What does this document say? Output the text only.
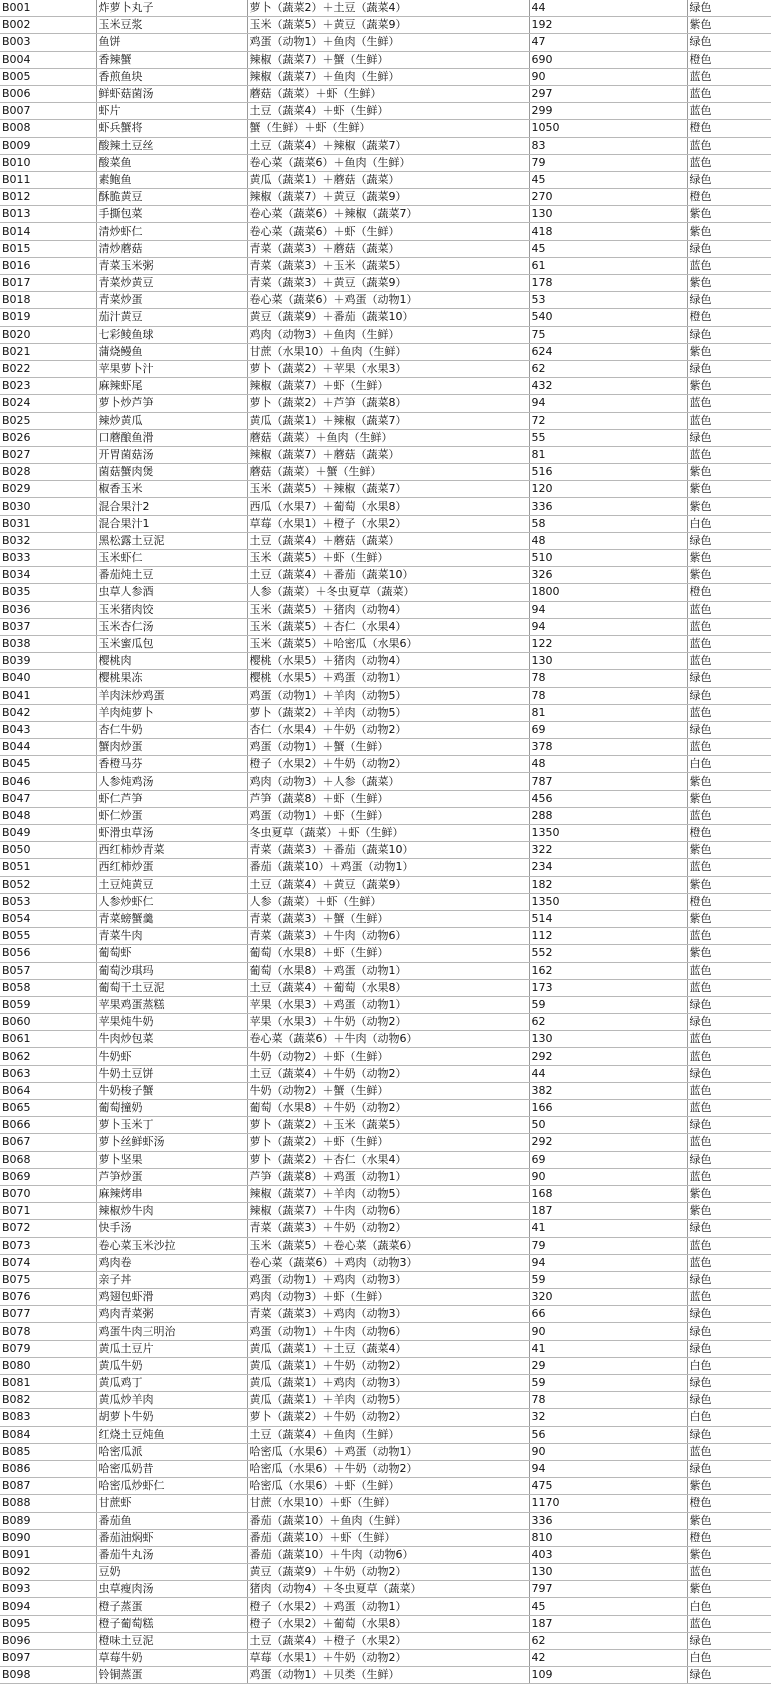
B001	炸萝卜丸子	萝卜（蔬菜2）＋土豆（蔬菜4）	44	绿色
B002	玉米豆浆	玉米（蔬菜5）＋黄豆（蔬菜9）	192	紫色
B003	鱼饼	鸡蛋（动物1）＋鱼肉（生鲜）	47	绿色
B004	香辣蟹	辣椒（蔬菜7）＋蟹（生鲜）	690	橙色
B005	香煎鱼块	辣椒（蔬菜7）＋鱼肉（生鲜）	90	蓝色
B006	鲜虾菇菌汤	蘑菇（蔬菜）＋虾（生鲜）	297	蓝色
B007	虾片	土豆（蔬菜4）＋虾（生鲜）	299	蓝色
B008	虾兵蟹将	蟹（生鲜）＋虾（生鲜）	1050	橙色
B009	酸辣土豆丝	土豆（蔬菜4）＋辣椒（蔬菜7）	83	蓝色
B010	酸菜鱼	卷心菜（蔬菜6）＋鱼肉（生鲜）	79	蓝色
B011	素鲍鱼	黄瓜（蔬菜1）＋蘑菇（蔬菜）	45	绿色
B012	酥脆黄豆	辣椒（蔬菜7）＋黄豆（蔬菜9）	270	橙色
B013	手撕包菜	卷心菜（蔬菜6）＋辣椒（蔬菜7）	130	紫色
B014	清炒虾仁	卷心菜（蔬菜6）＋虾（生鲜）	418	紫色
B015	清炒蘑菇	青菜（蔬菜3）＋蘑菇（蔬菜）	45	绿色
B016	青菜玉米粥	青菜（蔬菜3）＋玉米（蔬菜5）	61	蓝色
B017	青菜炒黄豆	青菜（蔬菜3）＋黄豆（蔬菜9）	178	紫色
B018	青菜炒蛋	卷心菜（蔬菜6）＋鸡蛋（动物1）	53	绿色
B019	茄汁黄豆	黄豆（蔬菜9）＋番茄（蔬菜10）	540	橙色
B020	七彩鲮鱼球	鸡肉（动物3）＋鱼肉（生鲜）	75	绿色
B021	蒲烧鳗鱼	甘蔗（水果10）＋鱼肉（生鲜）	624	紫色
B022	苹果萝卜汁	萝卜（蔬菜2）＋苹果（水果3）	62	绿色
B023	麻辣虾尾	辣椒（蔬菜7）＋虾（生鲜）	432	紫色
B024	萝卜炒芦笋	萝卜（蔬菜2）＋芦笋（蔬菜8）	94	蓝色
B025	辣炒黄瓜	黄瓜（蔬菜1）＋辣椒（蔬菜7）	72	蓝色
B026	口蘑酿鱼滑	蘑菇（蔬菜）＋鱼肉（生鲜）	55	绿色
B027	开胃菌菇汤	辣椒（蔬菜7）＋蘑菇（蔬菜）	81	蓝色
B028	菌菇蟹肉煲	蘑菇（蔬菜）＋蟹（生鲜）	516	紫色
B029	椒香玉米	玉米（蔬菜5）＋辣椒（蔬菜7）	120	紫色
B030	混合果汁2	西瓜（水果7）＋葡萄（水果8）	336	紫色
B031	混合果汁1	草莓（水果1）＋橙子（水果2）	58	白色
B032	黑松露土豆泥	土豆（蔬菜4）＋蘑菇（蔬菜）	48	绿色
B033	玉米虾仁	玉米（蔬菜5）＋虾（生鲜）	510	紫色
B034	番茄炖土豆	土豆（蔬菜4）＋番茄（蔬菜10）	326	紫色
B035	虫草人参酒	人参（蔬菜）＋冬虫夏草（蔬菜）	1800	橙色
B036	玉米猪肉饺	玉米（蔬菜5）＋猪肉（动物4）	94	蓝色
B037	玉米杏仁汤	玉米（蔬菜5）＋杏仁（水果4）	94	蓝色
B038	玉米蜜瓜包	玉米（蔬菜5）＋哈密瓜（水果6）	122	蓝色
B039	樱桃肉	樱桃（水果5）＋猪肉（动物4）	130	蓝色
B040	樱桃果冻	樱桃（水果5）＋鸡蛋（动物1）	78	绿色
B041	羊肉沫炒鸡蛋	鸡蛋（动物1）＋羊肉（动物5）	78	绿色
B042	羊肉炖萝卜	萝卜（蔬菜2）＋羊肉（动物5）	81	蓝色
B043	杏仁牛奶	杏仁（水果4）＋牛奶（动物2）	69	绿色
B044	蟹肉炒蛋	鸡蛋（动物1）＋蟹（生鲜）	378	蓝色
B045	香橙马芬	橙子（水果2）＋牛奶（动物2）	48	白色
B046	人参炖鸡汤	鸡肉（动物3）＋人参（蔬菜）	787	紫色
B047	虾仁芦笋	芦笋（蔬菜8）＋虾（生鲜）	456	紫色
B048	虾仁炒蛋	鸡蛋（动物1）＋虾（生鲜）	288	蓝色
B049	虾滑虫草汤	冬虫夏草（蔬菜）＋虾（生鲜）	1350	橙色
B050	西红柿炒青菜	青菜（蔬菜3）＋番茄（蔬菜10）	322	紫色
B051	西红柿炒蛋	番茄（蔬菜10）＋鸡蛋（动物1）	234	蓝色
B052	土豆炖黄豆	土豆（蔬菜4）＋黄豆（蔬菜9）	182	紫色
B053	人参炒虾仁	人参（蔬菜）＋虾（生鲜）	1350	橙色
B054	青菜螃蟹羹	青菜（蔬菜3）＋蟹（生鲜）	514	紫色
B055	青菜牛肉	青菜（蔬菜3）＋牛肉（动物6）	112	蓝色
B056	葡萄虾	葡萄（水果8）＋虾（生鲜）	552	紫色
B057	葡萄沙琪玛	葡萄（水果8）＋鸡蛋（动物1）	162	蓝色
B058	葡萄干土豆泥	土豆（蔬菜4）＋葡萄（水果8）	173	蓝色
B059	苹果鸡蛋蒸糕	苹果（水果3）＋鸡蛋（动物1）	59	绿色
B060	苹果炖牛奶	苹果（水果3）＋牛奶（动物2）	62	绿色
B061	牛肉炒包菜	卷心菜（蔬菜6）＋牛肉（动物6）	130	蓝色
B062	牛奶虾	牛奶（动物2）＋虾（生鲜）	292	蓝色
B063	牛奶土豆饼	土豆（蔬菜4）＋牛奶（动物2）	44	绿色
B064	牛奶梭子蟹	牛奶（动物2）＋蟹（生鲜）	382	蓝色
B065	葡萄撞奶	葡萄（水果8）＋牛奶（动物2）	166	蓝色
B066	萝卜玉米丁	萝卜（蔬菜2）＋玉米（蔬菜5）	50	绿色
B067	萝卜丝鲜虾汤	萝卜（蔬菜2）＋虾（生鲜）	292	蓝色
B068	萝卜坚果	萝卜（蔬菜2）＋杏仁（水果4）	69	绿色
B069	芦笋炒蛋	芦笋（蔬菜8）＋鸡蛋（动物1）	90	蓝色
B070	麻辣烤串	辣椒（蔬菜7）＋羊肉（动物5）	168	紫色
B071	辣椒炒牛肉	辣椒（蔬菜7）＋牛肉（动物6）	187	紫色
B072	快手汤	青菜（蔬菜3）＋牛奶（动物2）	41	绿色
B073	卷心菜玉米沙拉	玉米（蔬菜5）＋卷心菜（蔬菜6）	79	蓝色
B074	鸡肉卷	卷心菜（蔬菜6）＋鸡肉（动物3）	94	蓝色
B075	亲子丼	鸡蛋（动物1）＋鸡肉（动物3）	59	绿色
B076	鸡翅包虾滑	鸡肉（动物3）＋虾（生鲜）	320	蓝色
B077	鸡肉青菜粥	青菜（蔬菜3）＋鸡肉（动物3）	66	绿色
B078	鸡蛋牛肉三明治	鸡蛋（动物1）＋牛肉（动物6）	90	绿色
B079	黄瓜土豆片	黄瓜（蔬菜1）＋土豆（蔬菜4）	41	绿色
B080	黄瓜牛奶	黄瓜（蔬菜1）＋牛奶（动物2）	29	白色
B081	黄瓜鸡丁	黄瓜（蔬菜1）＋鸡肉（动物3）	59	绿色
B082	黄瓜炒羊肉	黄瓜（蔬菜1）＋羊肉（动物5）	78	绿色
B083	胡萝卜牛奶	萝卜（蔬菜2）＋牛奶（动物2）	32	白色
B084	红烧土豆炖鱼	土豆（蔬菜4）＋鱼肉（生鲜）	56	绿色
B085	哈密瓜派	哈密瓜（水果6）＋鸡蛋（动物1）	90	蓝色
B086	哈密瓜奶昔	哈密瓜（水果6）＋牛奶（动物2）	94	绿色
B087	哈密瓜炒虾仁	哈密瓜（水果6）＋虾（生鲜）	475	紫色
B088	甘蔗虾	甘蔗（水果10）＋虾（生鲜）	1170	橙色
B089	番茄鱼	番茄（蔬菜10）＋鱼肉（生鲜）	336	紫色
B090	番茄油焖虾	番茄（蔬菜10）＋虾（生鲜）	810	橙色
B091	番茄牛丸汤	番茄（蔬菜10）＋牛肉（动物6）	403	紫色
B092	豆奶	黄豆（蔬菜9）＋牛奶（动物2）	130	蓝色
B093	虫草瘦肉汤	猪肉（动物4）＋冬虫夏草（蔬菜）	797	紫色
B094	橙子蒸蛋	橙子（水果2）＋鸡蛋（动物1）	45	白色
B095	橙子葡萄糕	橙子（水果2）＋葡萄（水果8）	187	蓝色
B096	橙味土豆泥	土豆（蔬菜4）＋橙子（水果2）	62	绿色
B097	草莓牛奶	草莓（水果1）＋牛奶（动物2）	42	白色
B098	铃铜蒸蛋	鸡蛋（动物1）＋贝类（生鲜）	109	绿色
